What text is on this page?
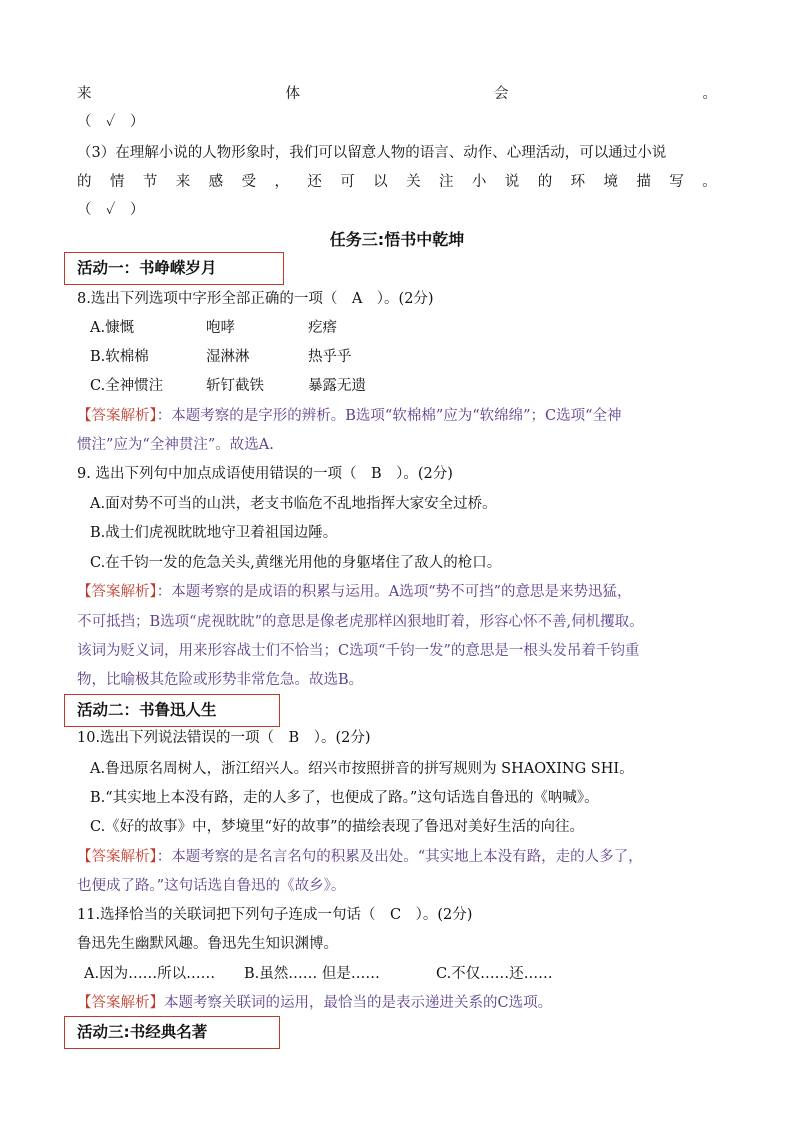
来	体	会	。
（　✓　）
（3）在理解小说的人物形象时，我们可以留意人物的语言、动作、心理活动，可以通过小说
的 情 节 来 感 受 ， 还 可 以 关 注 小 说 的 环 境 描 写 。
（　✓　）
任务三:悟书中乾坤
活动一：书峥嵘岁月
8.选出下列选项中字形全部正确的一项（　A　）。(2分)
A.慷慨	咆哮	疙瘩
B.软棉棉	湿淋淋	热乎乎
C.全神惯注	斩钉截铁	暴露无遗
【答案解析】：本题考察的是字形的辨析。B选项“软棉棉”应为“软绵绵”；C选项“全神
惯注”应为“全神贯注”。故选A.
9. 选出下列句中加点成语使用错误的一项（　B　）。(2分)
A.面对势不可当的山洪，老支书临危不乱地指挥大家安全过桥。
B.战士们虎视眈眈地守卫着祖国边陲。
C.在千钧一发的危急关头,黄继光用他的身躯堵住了敌人的枪口。
【答案解析】：本题考察的是成语的积累与运用。A选项“势不可挡”的意思是来势迅猛，
不可抵挡；B选项“虎视眈眈”的意思是像老虎那样凶狠地盯着，形容心怀不善,伺机攫取。
该词为贬义词，用来形容战士们不恰当；C选项“千钧一发”的意思是一根头发吊着千钧重
物，比喻极其危险或形势非常危急。故选B。
活动二：书鲁迅人生
10.选出下列说法错误的一项（　B　）。(2分)
A.鲁迅原名周树人，浙江绍兴人。绍兴市按照拼音的拼写规则为 SHAOXING SHI。
B.“其实地上本没有路，走的人多了，也便成了路。”这句话选自鲁迅的《呐喊》。
C.《好的故事》中，梦境里“好的故事”的描绘表现了鲁迅对美好生活的向往。
【答案解析】：本题考察的是名言名句的积累及出处。“其实地上本没有路，走的人多了，
也便成了路。”这句话选自鲁迅的《故乡》。
11.选择恰当的关联词把下列句子连成一句话（　C　）。(2分)
鲁迅先生幽默风趣。鲁迅先生知识渊博。
A.因为……所以…… B.虽然…… 但是……	C.不仅……还……
【答案解析】本题考察关联词的运用，最恰当的是表示递进关系的C选项。
活动三:书经典名著
